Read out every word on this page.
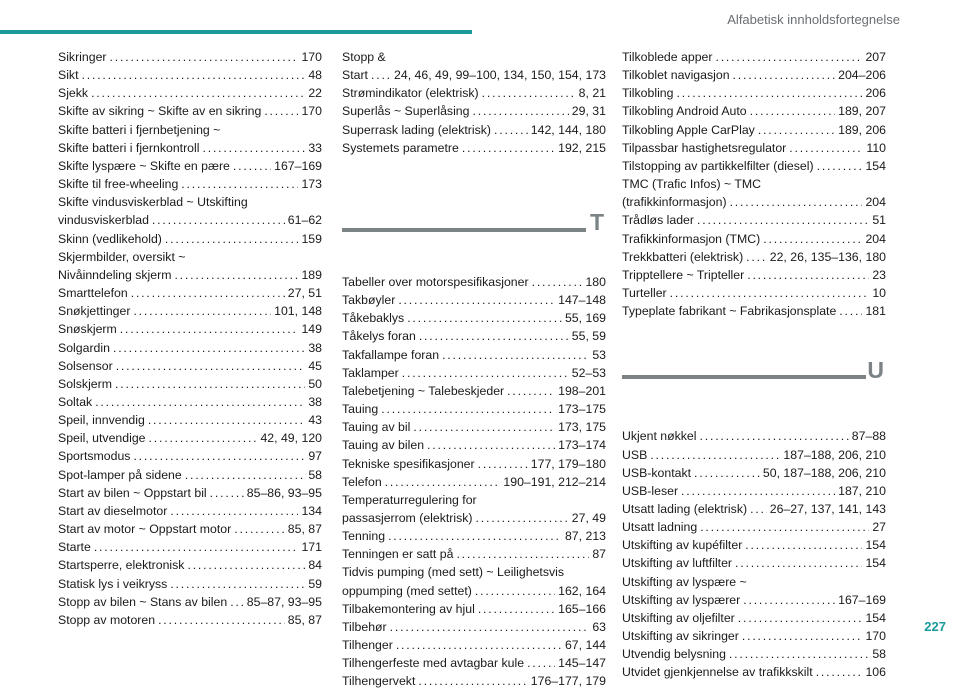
Alfabetisk innholdsfortegnelse
Sikringer . . .	170
Sikt . . .	48
Sjekk . . .	22
Skifte av sikring ~ Skifte av en sikring . . .	170
Skifte batteri i fjernbetjening ~
Skifte batteri i fjernkontroll . . .	33
Skifte lyspære ~ Skifte en pære . . .	167–169
Skifte til free-wheeling . . .	173
Skifte vindusviskerblad ~ Utskifting
vindusviskerblad . . .	61–62
Skinn (vedlikehold) . . .	159
Skjermbilder, oversikt ~
Nivåinndeling skjerm . . .	189
Smarttelefon . . .	27, 51
Snøkjettinger . . .	101, 148
Snøskjerm . . .	149
Solgardin . . .	38
Solsensor . . .	45
Solskjerm . . .	50
Soltak . . .	38
Speil, innvendig . . .	43
Speil, utvendige . . .	42, 49, 120
Sportsmodus . . .	97
Spot-lamper på sidene . . .	58
Start av bilen ~ Oppstart bil . . .	85–86, 93–95
Start av dieselmotor . . .	134
Start av motor ~ Oppstart motor . . .	85, 87
Starte . . .	171
Startsperre, elektronisk . . .	84
Statisk lys i veikryss . . .	59
Stopp av bilen ~ Stans av bilen . . . 85–87, 93–95
Stopp av motoren . . .	85, 87
Stopp &
Start . . . 24, 46, 49, 99–100, 134, 150, 154, 173
Strømindikator (elektrisk) . . .	8, 21
Superlås ~ Superlåsing . . .	29, 31
Superrask lading (elektrisk) . . .	142, 144, 180
Systemets parametre . . .	192, 215
T
Tabeller over motorspesifikasjoner . . .	180
Takbøyler . . .	147–148
Tåkebaklys . . .	55, 169
Tåkelys foran . . .	55, 59
Takfallampe foran . . .	53
Taklamper . . .	52–53
Talebetjening ~ Talebeskjeder . . .	198–201
Tauing . . .	173–175
Tauing av bil . . .	173, 175
Tauing av bilen . . .	173–174
Tekniske spesifikasjoner . . .	177, 179–180
Telefon . . .	190–191, 212–214
Temperaturregulering for
passasjerrom (elektrisk) . . .	27, 49
Tenning . . .	87, 213
Tenningen er satt på . . .	87
Tidvis pumping (med sett) ~ Leilighetsvis
oppumping (med settet) . . .	162, 164
Tilbakemontering av hjul . . .	165–166
Tilbehør . . .	63
Tilhenger . . .	67, 144
Tilhengerfeste med avtagbar kule . . .	145–147
Tilhengervekt . . .	176–177, 179
Tilkoblede apper . . .	207
Tilkoblet navigasjon . . .	204–206
Tilkobling . . .	206
Tilkobling Android Auto . . .	189, 207
Tilkobling Apple CarPlay . . .	189, 206
Tilpassbar hastighetsregulator . . .	110
Tilstopping av partikkelfilter (diesel) . . .	154
TMC (Trafic Infos) ~ TMC
(trafikkinformasjon) . . .	204
Trådløs lader . . .	51
Trafikkinformasjon (TMC) . . .	204
Trekkbatteri (elektrisk) . . . 22, 26, 135–136, 180
Tripptellere ~ Tripteller . . .	23
Turteller . . .	10
Typeplate fabrikant ~ Fabrikasjonsplate . . . 181
U
Ukjent nøkkel . . .	87–88
USB . . .	187–188, 206, 210
USB-kontakt . . .	50, 187–188, 206, 210
USB-leser . . .	187, 210
Utsatt lading (elektrisk) . . . 26–27, 137, 141, 143
Utsatt ladning . . .	27
Utskifting av kupéfilter . . .	154
Utskifting av luftfilter . . .	154
Utskifting av lyspære ~
Utskifting av lyspærer . . .	167–169
Utskifting av oljefilter . . .	154
Utskifting av sikringer . . .	170
Utvendig belysning . . .	58
Utvidet gjenkjennelse av trafikkskilt . . .	106
227
